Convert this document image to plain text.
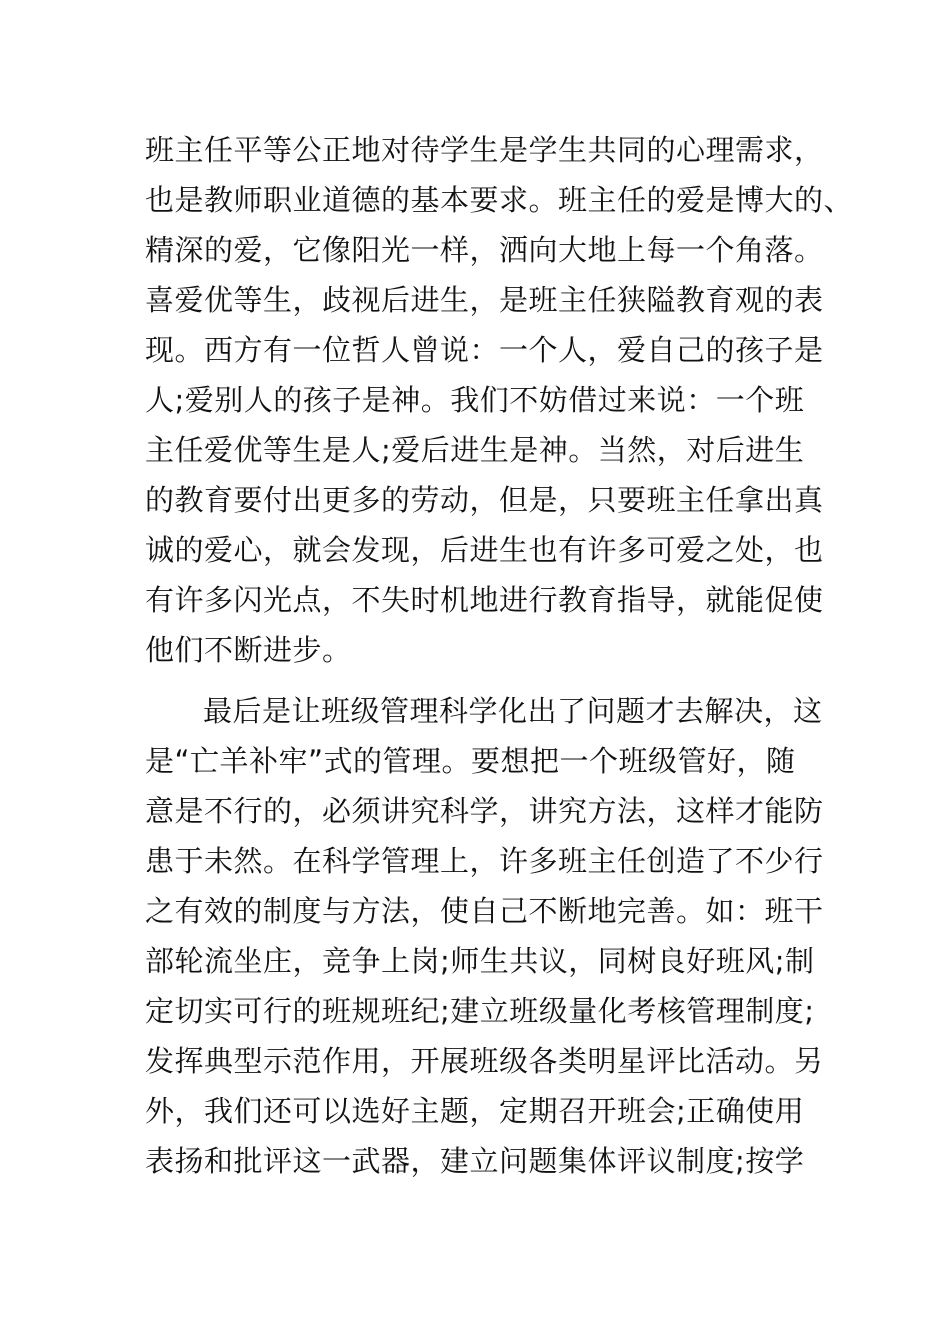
班主任平等公正地对待学生是学生共同的心理需求，
也是教师职业道德的基本要求。班主任的爱是博大的、
精深的爱，它像阳光一样，洒向大地上每一个角落。
喜爱优等生，歧视后进生，是班主任狭隘教育观的表
现。西方有一位哲人曾说：一个人，爱自己的孩子是
人;爱别人的孩子是神。我们不妨借过来说：一个班
主任爱优等生是人;爱后进生是神。当然，对后进生
的教育要付出更多的劳动，但是，只要班主任拿出真
诚的爱心，就会发现，后进生也有许多可爱之处，也
有许多闪光点，不失时机地进行教育指导，就能促使
他们不断进步。
最后是让班级管理科学化出了问题才去解决，这
是“亡羊补牢”式的管理。要想把一个班级管好，随
意是不行的，必须讲究科学，讲究方法，这样才能防
患于未然。在科学管理上，许多班主任创造了不少行
之有效的制度与方法，使自己不断地完善。如：班干
部轮流坐庄，竞争上岗;师生共议，同树良好班风;制
定切实可行的班规班纪;建立班级量化考核管理制度;
发挥典型示范作用，开展班级各类明星评比活动。另
外，我们还可以选好主题，定期召开班会;正确使用
表扬和批评这一武器，建立问题集体评议制度;按学
